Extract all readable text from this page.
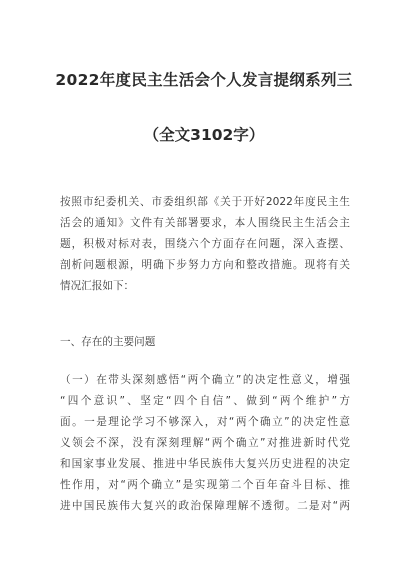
2022年度民主生活会个人发言提纲系列三
（全文3102字）
按照市纪委机关、市委组织部《关于开好2022年度民主生
活会的通知》文件有关部署要求，本人围绕民主生活会主
题，积极对标对表，围绕六个方面存在问题，深入查摆、
剖析问题根源，明确下步努力方向和整改措施。现将有关
情况汇报如下：
一、存在的主要问题
（一）在带头深刻感悟“两个确立”的决定性意义，增强
“四个意识”、坚定“四个自信”、做到“两个维护”方
面。一是理论学习不够深入，对“两个确立”的决定性意
义领会不深，没有深刻理解“两个确立”对推进新时代党
和国家事业发展、推进中华民族伟大复兴历史进程的决定
性作用，对“两个确立”是实现第二个百年奋斗目标、推
进中国民族伟大复兴的政治保障理解不透彻。二是对“两
